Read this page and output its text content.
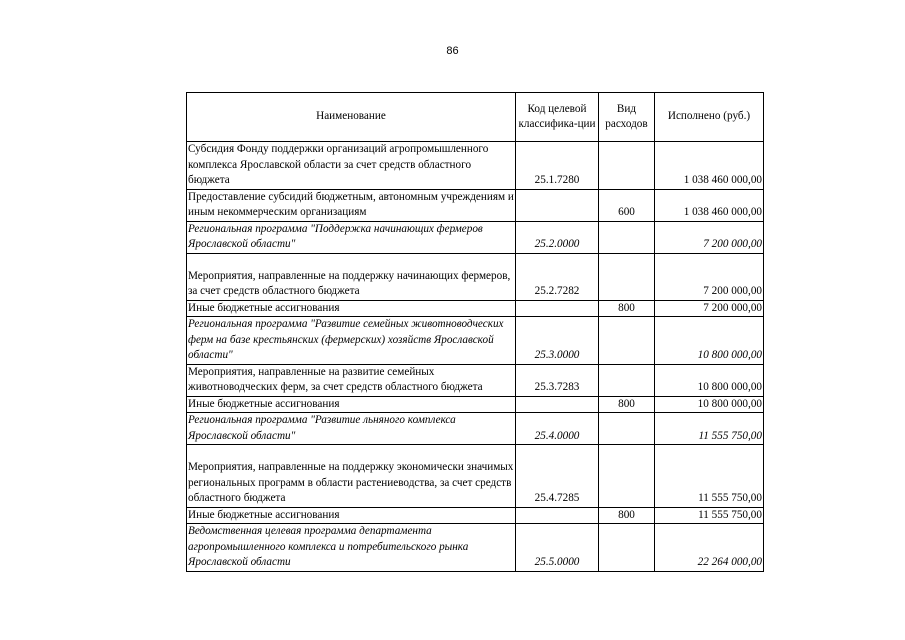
86
Наименование	Код целевой классифика-ции	Вид расходов	Исполнено (руб.)
Субсидия Фонду поддержки организаций агропромышленного комплекса Ярославской области за счет средств областного бюджета	25.1.7280		1 038 460 000,00
Предоставление субсидий бюджетным, автономным учреждениям и иным некоммерческим организациям		600	1 038 460 000,00
Региональная программа "Поддержка начинающих фермеров Ярославской области"	25.2.0000		7 200 000,00
Мероприятия, направленные на поддержку начинающих фермеров, за счет средств областного бюджета	25.2.7282		7 200 000,00
Иные бюджетные ассигнования		800	7 200 000,00
Региональная программа "Развитие семейных животноводческих ферм на базе крестьянских (фермерских) хозяйств Ярославской области"	25.3.0000		10 800 000,00
Мероприятия, направленные на развитие семейных животноводческих ферм, за счет средств областного бюджета	25.3.7283		10 800 000,00
Иные бюджетные ассигнования		800	10 800 000,00
Региональная программа "Развитие льняного комплекса Ярославской области"	25.4.0000		11 555 750,00
Мероприятия, направленные на поддержку экономически значимых региональных программ в области растениеводства, за счет средств областного бюджета	25.4.7285		11 555 750,00
Иные бюджетные ассигнования		800	11 555 750,00
Ведомственная целевая программа департамента агропромышленного комплекса и потребительского рынка Ярославской области	25.5.0000		22 264 000,00
